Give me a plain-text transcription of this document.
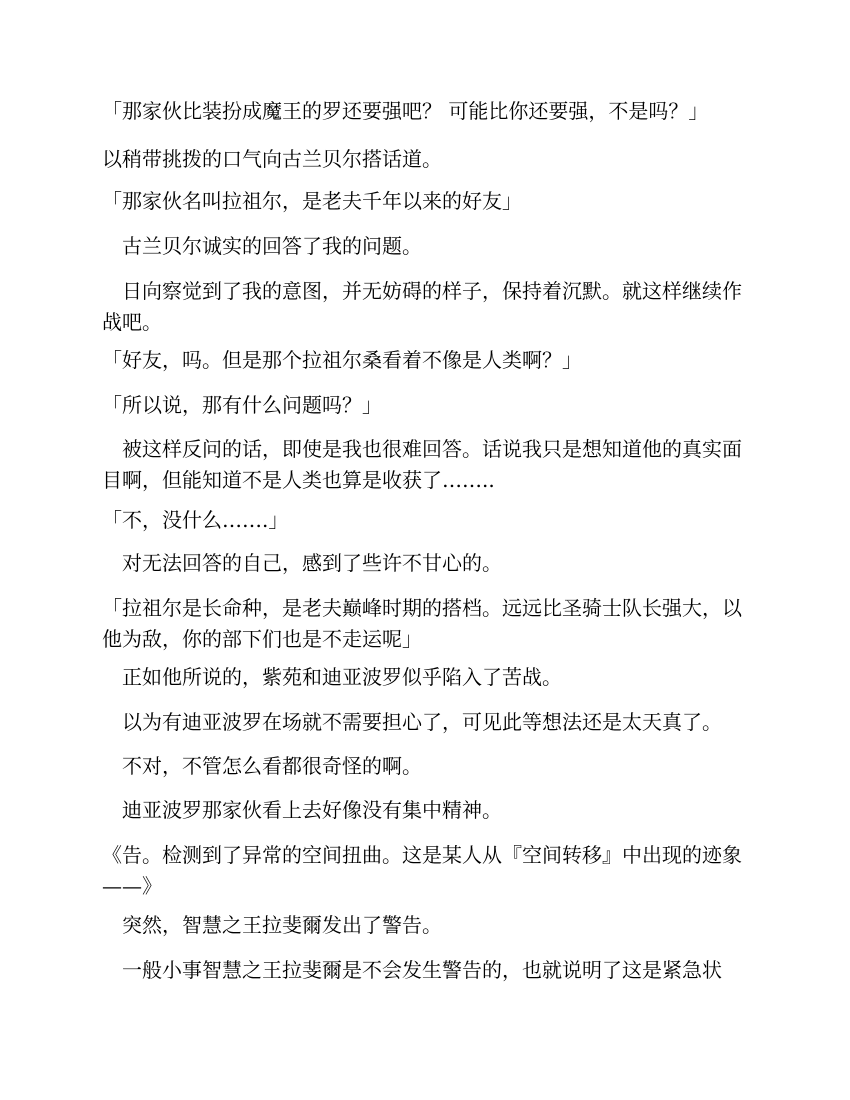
「那家伙比装扮成魔王的罗还要强吧？ 可能比你还要强，不是吗？」

以稍带挑拨的口气向古兰贝尔搭话道。

「那家伙名叫拉祖尔，是老夫千年以来的好友」

　古兰贝尔诚实的回答了我的问题。

　日向察觉到了我的意图，并无妨碍的样子，保持着沉默。就这样继续作战吧。

「好友，吗。但是那个拉祖尔桑看着不像是人类啊？」

「所以说，那有什么问题吗？」

　被这样反问的话，即使是我也很难回答。话说我只是想知道他的真实面目啊，但能知道不是人类也算是收获了……..

「不，没什么…….」

　对无法回答的自己，感到了些许不甘心的。

「拉祖尔是长命种，是老夫巅峰时期的搭档。远远比圣骑士队长强大，以他为敌，你的部下们也是不走运呢」

　正如他所说的，紫苑和迪亚波罗似乎陷入了苦战。

　以为有迪亚波罗在场就不需要担心了，可见此等想法还是太天真了。

　不对，不管怎么看都很奇怪的啊。

　迪亚波罗那家伙看上去好像没有集中精神。

《告。检测到了异常的空间扭曲。这是某人从『空间转移』中出现的迹象——》

　突然，智慧之王拉斐爾发出了警告。

　一般小事智慧之王拉斐爾是不会发生警告的，也就说明了这是紧急状
